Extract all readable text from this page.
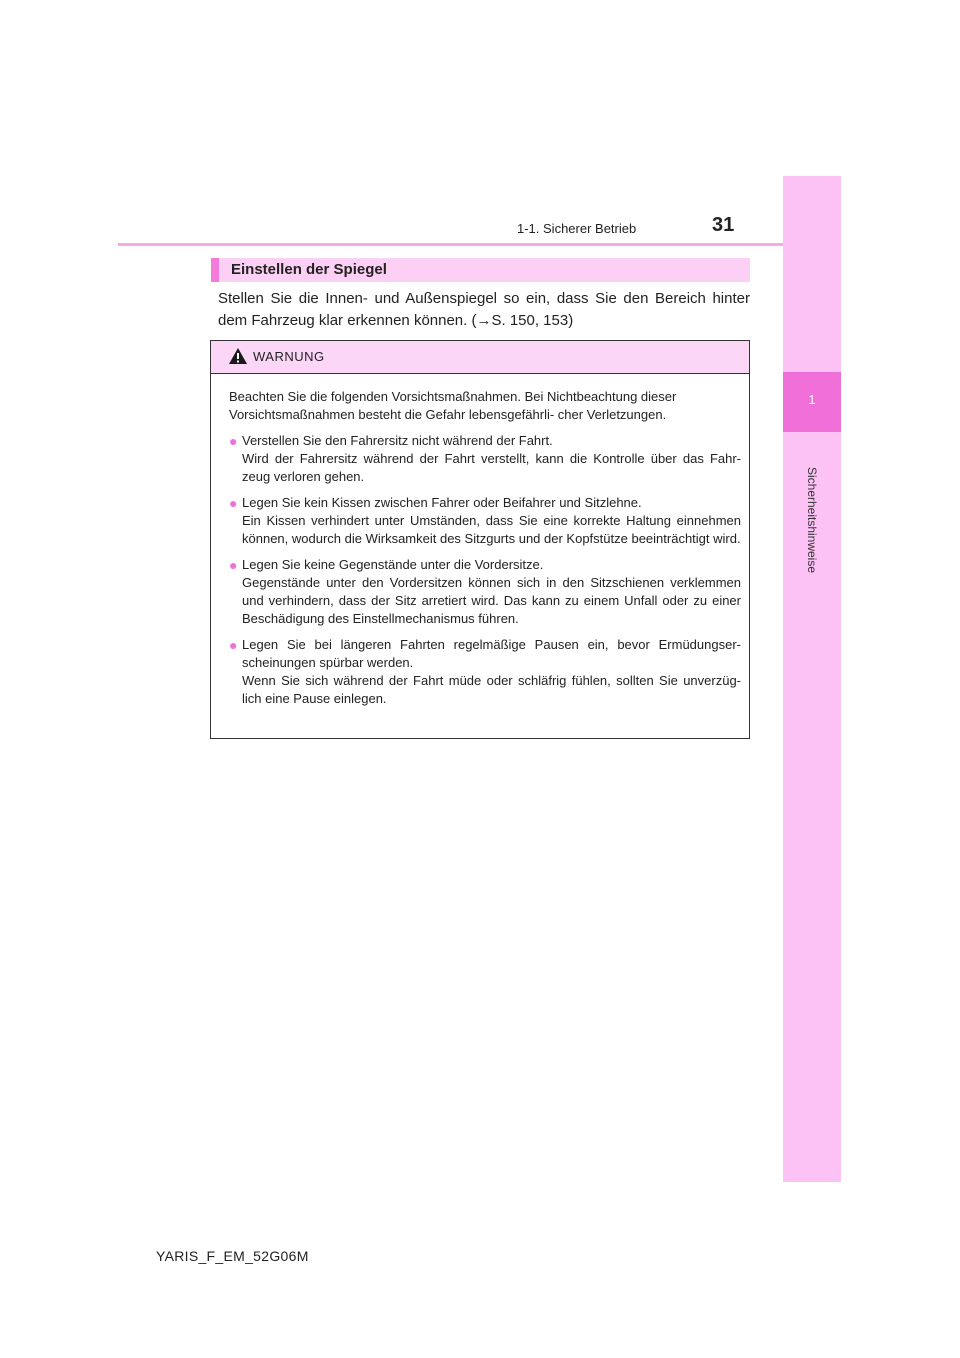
1
Sicherheitshinweise
1-1. Sicherer Betrieb	31
Einstellen der Spiegel
Stellen Sie die Innen- und Außenspiegel so ein, dass Sie den Bereich hinter dem Fahrzeug klar erkennen können. (→S. 150, 153)
WARNUNG

Beachten Sie die folgenden Vorsichtsmaßnahmen. Bei Nichtbeachtung dieser Vorsichtsmaßnahmen besteht die Gefahr lebensgefährli- cher Verletzungen.

● Verstellen Sie den Fahrersitz nicht während der Fahrt.
Wird der Fahrersitz während der Fahrt verstellt, kann die Kontrolle über das Fahr- zeug verloren gehen.
● Legen Sie kein Kissen zwischen Fahrer oder Beifahrer und Sitzlehne.
Ein Kissen verhindert unter Umständen, dass Sie eine korrekte Haltung einnehmen können, wodurch die Wirksamkeit des Sitzgurts und der Kopfstütze beeinträchtigt wird.
● Legen Sie keine Gegenstände unter die Vordersitze.
Gegenstände unter den Vordersitzen können sich in den Sitzschienen verklemmen und verhindern, dass der Sitz arretiert wird. Das kann zu einem Unfall oder zu einer Beschädigung des Einstellmechanismus führen.
● Legen Sie bei längeren Fahrten regelmäßige Pausen ein, bevor Ermüdungser- scheinungen spürbar werden.
Wenn Sie sich während der Fahrt müde oder schläfrig fühlen, sollten Sie unverzüg- lich eine Pause einlegen.
YARIS_F_EM_52G06M
